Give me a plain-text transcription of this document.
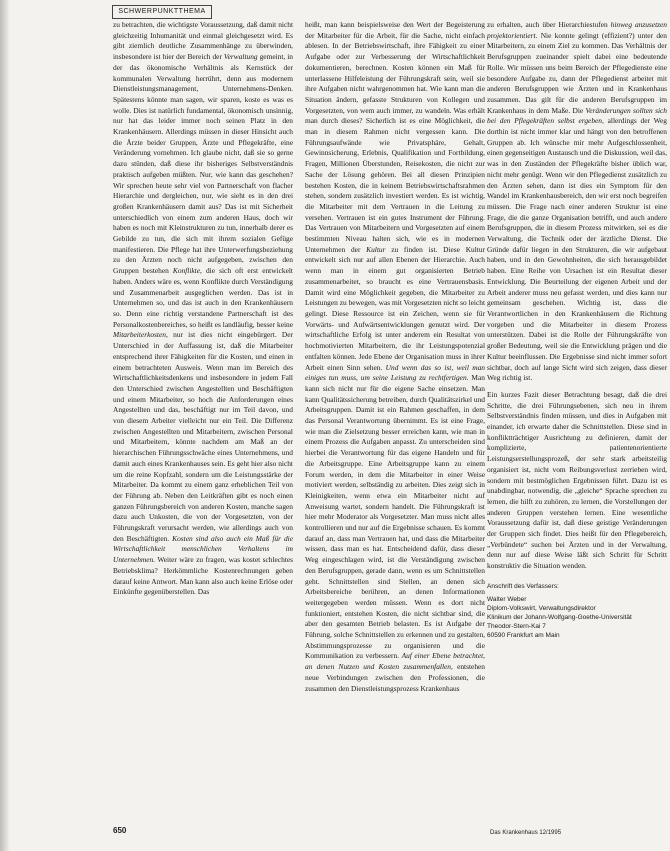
SCHWERPUNKTTHEMA

zu betrachten, die wichtigste Voraussetzung, daß damit nicht gleichzeitig Inhumanität und einmal gleichgesetzt wird. Es gibt ziemlich deutliche Zusammenhänge zu überwinden, insbesondere ist hier der Bereich der Verwaltung gemeint, in der das ökonomische Verhältnis als Kernstück der kommunalen Verwaltung herrührt, denn aus modernem Dienstleistungsmanagement, Unternehmens-Denken. Spätestens könnte man sagen, wir sparen, koste es was es wolle. Dies ist natürlich fundamental, ökonomisch unsinnig, nur hat das leider immer noch seinen Platz in den Krankenhäusern. Allerdings müssen in dieser Hinsicht auch die Ärzte beider Gruppen, Ärzte und Pflegekräfte, eine Veränderung vornehmen. Ich glaube nicht, daß sie so gerne dazu stünden, daß diese ihr bisheriges Selbstverständnis praktisch aufgeben müßten. Nur, wie kann das geschehen? Wir sprechen heute sehr viel von Partnerschaft von flacher Hierarchie und dergleichen, nur, wie sieht es in den drei großen Krankenhäusern damit aus? Das ist mit Sicherheit unterschiedlich von einem zum anderen Haus, doch wir haben es noch mit Kleinstrukturen zu tun, innerhalb derer es Gebilde zu tun, die sich mit ihrem sozialen Gefüge manifestieren. Die Pflege hat ihre Unterwerfungsbeziehung zu den Ärzten noch nicht aufgegeben, zwischen den Gruppen bestehen Konflikte, die sich oft erst entwickelt haben. Anders wäre es, wenn Konflikte durch Verständigung und Zusammenarbeit ausgeglichen werden. Das ist in Unternehmen so, und das ist auch in den Krankenhäusern so. Denn eine richtig verstandene Partnerschaft ist des Personalkostenbereiches, so heißt es landläufig, besser keine Mitarbeiterkosten, nur ist dies nicht eingebürgert. Der Unterschied in der Auffassung ist, daß die Mitarbeiter entsprechend ihrer Fähigkeiten für die Kosten, und einen in einem betrachteten Ausweis. Wenn man im Bereich des Wirtschaftlichkeitsdenkens und insbesondere in jedem Fall den Unterschied zwischen Angestellten und Beschäftigten und einem Mitarbeiter, so hoch die Anforderungen eines Angestellten und das, beschäftigt nur im Teil davon, und von diesem Arbeiter vielleicht nur ein Teil. Die Differenz zwischen Angestellten und Mitarbeitern, zwischen Personal und Mitarbeitern, könnte nachdem am Maß an der hierarchischen Führungsschwäche eines Unternehmens, und damit auch eines Krankenhauses sein. Es geht hier also nicht um die reine Kopfzahl, sondern um die Leistungsstärke der Mitarbeiter. Da kommt zu einem ganz erheblichen Teil von der Führung ab. Neben den Leitkräften gibt es noch einen ganzen Führungsbereich von anderen Kosten, manche sagen dazu auch Unkosten, die von der Vorgesetzten, von der Führungskraft verursacht werden, wie allerdings auch von den Beschäftigten. Kosten sind also auch ein Maß für die Wirtschaftlichkeit menschlichen Verhaltens im Unternehmen. Weiter wäre zu fragen, was kostet schlechtes Betriebsklima? Herkömmliche Kostenrechnungen geben darauf keine Antwort. Man kann also auch keine Erlöse oder Einkünfte gegenüberstellen. Das

heißt, man kann beispielsweise den Wert der Begeisterung der Mitarbeiter für die Arbeit, für die Sache, nicht einfach ablesen. In der Betriebswirtschaft, ihre Fähigkeit zu einer Aufgabe oder zur Verbesserung der Wirtschaftlichkeit dokumentieren, berechnen. Kosten können ein Maß für unterlassene Hilfeleistung der Führungskraft sein, weil sie ihre Aufgaben nicht wahrgenommen hat. Wie kann man die Situation ändern, gefasste Strukturen von Kollegen und Vorgesetzten, von wem auch immer, zu wandeln. Was erhält man durch dieses? Sicherlich ist es eine Möglichkeit, die man in diesem Rahmen nicht vergessen kann. Die Führungsaufwände wie Privatsphäre, Gehalt, Gewinnsicherung, Erlebnis, Qualifikation und Fortbildung, Fragen, Millionen Überstunden, Reisekosten, die nicht zur Sache der Lösung gehören. Bei all diesen Prinzipien bestehen Kosten, die in keinem Betriebswirtschaftsrahmen stehen, sondern zusätzlich investiert werden. Es ist wichtig, die Mitarbeiter mit dem Vertrauen in die Leitung zu versehen. Vertrauen ist ein gutes Instrument der Führung. Das Vertrauen von Mitarbeitern und Vorgesetzten auf einem bestimmten Niveau halten sich, wie es in modernen Unternehmen der Kultur zu finden ist. Diese Kultur entwickelt sich nur auf allen Ebenen der Hierarchie. Auch wenn man in einem gut organisierten Betrieb zusammenarbeitet, so braucht es eine Vertrauensbasis. Damit wird eine Möglichkeit gegeben, die Mitarbeiter zu Leistungen zu bewegen, was mit Vorgesetzten nicht so leicht gelingt. Diese Ressource ist ein Zeichen, wenn sie für Vorwärts- und Aufwärtsentwicklungen genutzt wird. Der wirtschaftliche Erfolg ist unter anderem ein Resultat von hochmotivierten Mitarbeitern, die ihr Leistungspotenzial entfalten können. Jede Ebene der Organisation muss in ihrer Arbeit einen Sinn sehen. Und wenn das so ist, weil man einiges tun muss, um seine Leistung zu rechtfertigen. Man kann sich nicht nur für die eigene Sache einsetzen. Man kann Qualitätssicherung betreiben, durch Qualitätszirkel und Arbeitsgruppen. Damit ist ein Rahmen geschaffen, in dem das Personal Verantwortung übernimmt. Es ist eine Frage, wie man die Zielsetzung besser erreichen kann, wie man in einem Prozess die Aufgaben anpasst. Zu unterscheiden sind hierbei die Verantwortung für das eigene Handeln und für die Arbeitsgruppe. Eine Arbeitsgruppe kann zu einem Forum werden, in dem die Mitarbeiter in einer Weise motiviert werden, selbständig zu arbeiten. Dies zeigt sich in Kleinigkeiten, wenn etwa ein Mitarbeiter nicht auf Anweisung wartet, sondern handelt. Die Führungskraft ist hier mehr Moderator als Vorgesetzter. Man muss nicht alles kontrollieren und nur auf die Ergebnisse schauen. Es kommt darauf an, dass man Vertrauen hat, und dass die Mitarbeiter wissen, dass man es hat. Entscheidend dafür, dass dieser Weg eingeschlagen wird, ist die Verständigung zwischen den Berufsgruppen, gerade dann, wenn es um Schnittstellen geht. Schnittstellen sind Stellen, an denen sich Arbeitsbereiche berühren, an denen Informationen weitergegeben werden müssen. Wenn es dort nicht funktioniert, entstehen Kosten, die nicht sichtbar sind, die aber den gesamten Betrieb belasten. Es ist Aufgabe der Führung, solche Schnittstellen zu erkennen und zu gestalten, Abstimmungsprozesse zu organisieren und die Kommunikation zu verbessern. Auf einer Ebene betrachtet, an denen Nutzen und Kosten zusammenfallen, entstehen neue Verbindungen zwischen den Professionen, die zusammen den Dienstleistungsprozess Krankenhaus

zu erhalten, auch über Hierarchiestufen hinweg anzusetzen projektorientiert. Nie konnte gelingt (effizient?) unter den Mitarbeitern, zu einem Ziel zu kommen. Das Verhältnis der Berufsgruppen zueinander spielt dabei eine bedeutende Rolle. Wir müssen uns beim Bereich der Pflegedienste eine besondere Aufgabe zu, dann der Pflegedienst arbeitet mit anderen Berufsgruppen wie Ärzten und in Krankenhaus zusammen. Das gilt für die anderen Berufsgruppen im Krankenhaus in dem Maße. Die Veränderungen sollten sich bei den Pflegekräften selbst ergeben, allerdings der Weg dorthin ist nicht immer klar und hängt von den betroffenen Gruppen ab. Ich wünsche mir mehr Aufgeschlossenheit, einen gegenseitigen Austausch und die Diskussion, weil das, was in den Zuständen der Pflegekräfte bisher üblich war, nicht mehr genügt. Wenn wir den Pflegedienst zusätzlich zu den Ärzten sehen, dann ist dies ein Symptom für den Wandel im Krankenhausbereich, den wir erst noch begreifen müssen. Die Frage nach einer anderen Struktur ist eine Frage, die die ganze Organisation betrifft, und auch andere Berufsgruppen, die in diesem Prozess mitwirken, sei es die Verwaltung, die Technik oder der ärztliche Dienst. Die Gründe dafür liegen in den Strukturen, die wir aufgebaut haben, und in den Gewohnheiten, die sich herausgebildet haben. Eine Reihe von Ursachen ist ein Resultat dieser Entwicklung. Die Beurteilung der eigenen Arbeit und der Arbeit anderer muss neu gefasst werden, und dies kann nur gemeinsam geschehen. Wichtig ist, dass die Verantwortlichen in den Krankenhäusern die Richtung vorgeben und die Mitarbeiter in diesem Prozess unterstützen. Dabei ist die Rolle der Führungskräfte von großer Bedeutung, weil sie die Entwicklung prägen und die Kultur beeinflussen. Die Ergebnisse sind nicht immer sofort sichtbar, doch auf lange Sicht wird sich zeigen, dass dieser Weg richtig ist.

Ein kurzes Fazit dieser Betrachtung besagt, daß die drei Schritte, die drei Führungsebenen, sich neu in ihrem Selbstverständnis finden müssen, und dies in Aufgaben mit einander, ich erwarte daher die Schnittstellen. Diese sind in konfliktträchtiger Ausrichtung zu definieren, damit der komplizierte, patientenorientierte Leistungserstellungsprozeß, der sehr stark arbeitsteilig organisiert ist, nicht vom Reibungsverlust zerrieben wird, sondern mit bestmöglichen Ergebnissen führt. Dazu ist es unabdingbar, notwendig, die „gleiche“ Sprache sprechen zu lernen, die hilft zu zuhören, zu lernen, die Vorstellungen der anderen Gruppen verstehen lernen. Eine wesentliche Voraussetzung dafür ist, daß diese geistige Veränderungen der Gruppen sich findet. Dies heißt für den Pflegebereich, „Verbündete“ suchen bei Ärzten und in der Verwaltung, denn nur auf diese Weise läßt sich Schritt für Schritt konstruktiv die Situation wenden.

Anschrift des Verfassers:
Walter Weber
Diplom-Volkswirt, Verwaltungsdirektor
Klinikum der Johann-Wolfgang-Goethe-Universität
Theodor-Stern-Kai 7
60590 Frankfurt am Main
650	Das Krankenhaus 12/1995
